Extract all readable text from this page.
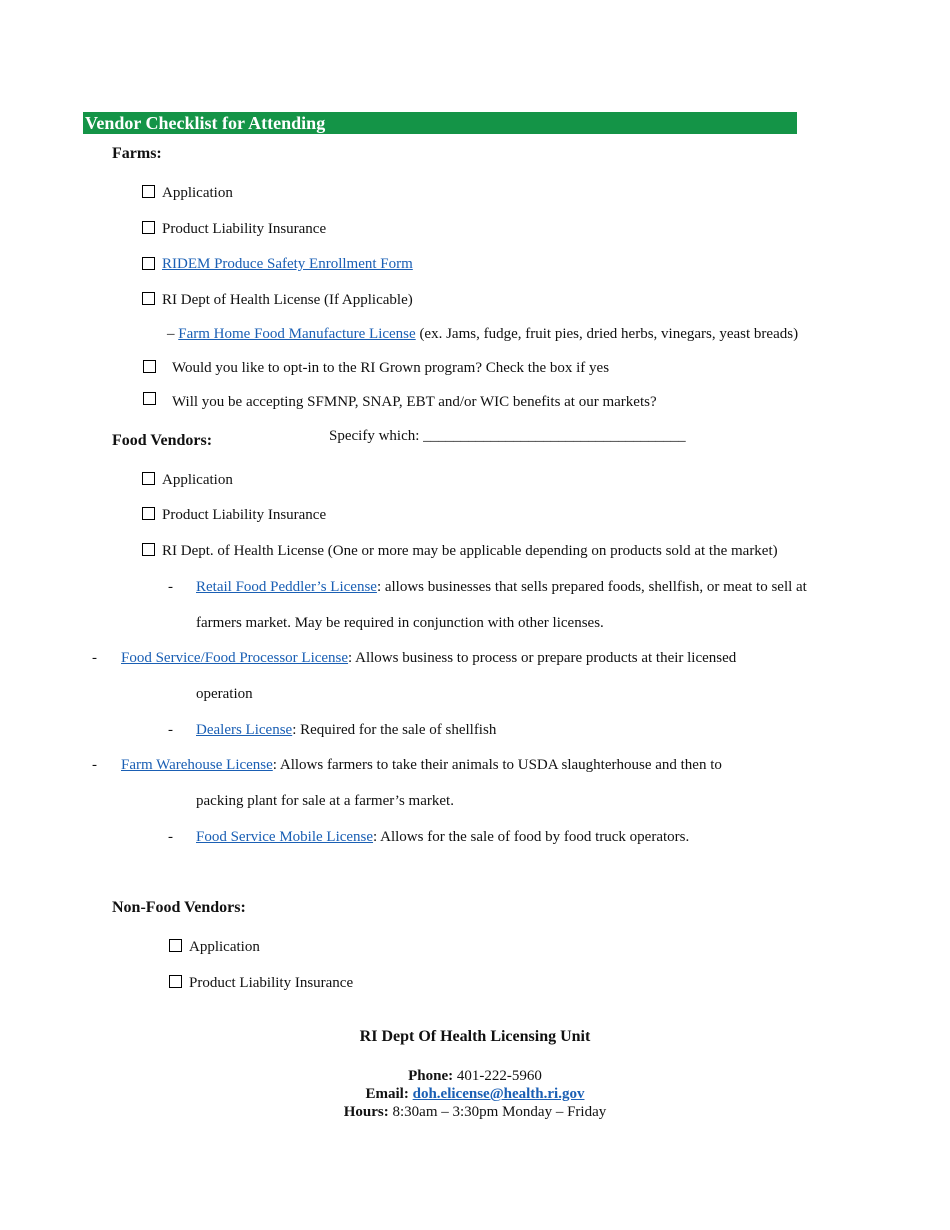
Vendor Checklist for Attending
Farms:
Application
Product Liability Insurance
RIDEM Produce Safety Enrollment Form
RI Dept of Health License (If Applicable)
– Farm Home Food Manufacture License (ex. Jams, fudge, fruit pies, dried herbs, vinegars, yeast breads)
Would you like to opt-in to the RI Grown program? Check the box if yes
Will you be accepting SFMNP, SNAP, EBT and/or WIC benefits at our markets?
Food Vendors:	Specify which: ___________________________________
Application
Product Liability Insurance
RI Dept. of Health License (One or more may be applicable depending on products sold at the market)
- Retail Food Peddler’s License: allows businesses that sells prepared foods, shellfish, or meat to sell at
farmers market. May be required in conjunction with other licenses.
- Food Service/Food Processor License: Allows business to process or prepare products at their licensed
operation
- Dealers License: Required for the sale of shellfish
- Farm Warehouse License: Allows farmers to take their animals to USDA slaughterhouse and then to
packing plant for sale at a farmer’s market.
- Food Service Mobile License: Allows for the sale of food by food truck operators.
Non-Food Vendors:
Application
Product Liability Insurance
RI Dept Of Health Licensing Unit
Phone: 401-222-5960
Email: doh.elicense@health.ri.gov
Hours: 8:30am – 3:30pm Monday – Friday
